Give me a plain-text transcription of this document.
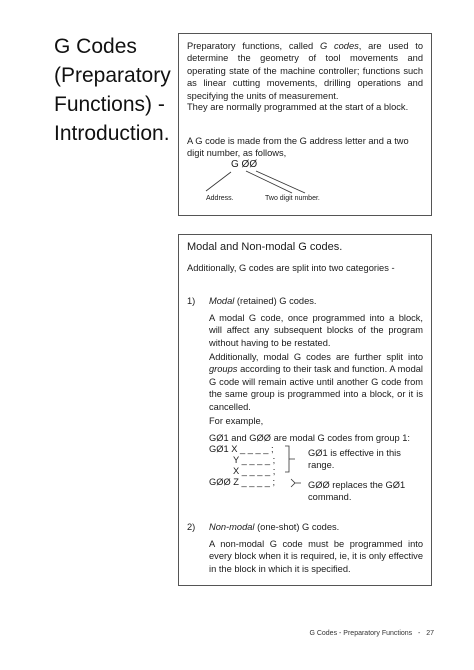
G Codes
(Preparatory
Functions) -
Introduction.

Preparatory functions, called G codes, are used to determine the geometry of tool movements and operating state of the machine controller; functions such as linear cutting movements, drilling operations and specifying the units of measurement.

They are normally programmed at the start of a block.

A G code is made from the G address letter and a two digit number, as follows,

G ØØ
Address.	Two digit number.

Modal and Non-modal G codes.

Additionally, G codes are split into two categories -

1) Modal (retained) G codes.

A modal G code, once programmed into a block, will affect any subsequent blocks of the program without having to be restated.

Additionally, modal G codes are further split into groups according to their task and function. A modal G code will remain active until another G code from the same group is programmed into a block, or it is cancelled.

For example,

GØ1 and GØØ are modal G codes from group 1:

GØ1 X _ _ _ _ ;
Y _ _ _ _ ;
X _ _ _ _ ;
GØØ Z _ _ _ _ ;

GØ1 is effective in this range.

GØØ replaces the GØ1 command.

2) Non-modal (one-shot) G codes.

A non-modal G code must be programmed into every block when it is required, ie, it is only effective in the block in which it is specified.

G Codes - Preparatory Functions - 27
